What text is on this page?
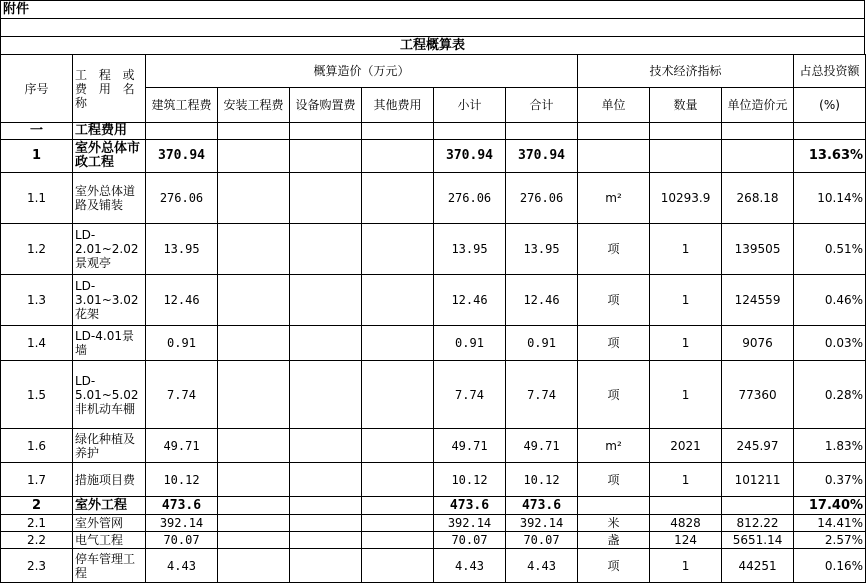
附件
工程概算表
序号	工 程 或费 用 名称	概算造价（万元）						技术经济指标			占总投资额
		建筑工程费	安装工程费	设备购置费	其他费用	小计	合计	单位	数量	单位造价元	(%)
一	工程费用										
1	室外总体市政工程	370.94				370.94	370.94				13.63%
1.1	室外总体道路及铺装	276.06				276.06	276.06	m²	10293.9	268.18	10.14%
1.2	LD-2.01~2.02景观亭	13.95				13.95	13.95	项	1	139505	0.51%
1.3	LD-3.01~3.02花架	12.46				12.46	12.46	项	1	124559	0.46%
1.4	LD-4.01景墙	0.91				0.91	0.91	项	1	9076	0.03%
1.5	LD-5.01~5.02非机动车棚	7.74				7.74	7.74	项	1	77360	0.28%
1.6	绿化种植及养护	49.71				49.71	49.71	m²	2021	245.97	1.83%
1.7	措施项目费	10.12				10.12	10.12	项	1	101211	0.37%
2	室外工程	473.6				473.6	473.6				17.40%
2.1	室外管网	392.14				392.14	392.14	米	4828	812.22	14.41%
2.2	电气工程	70.07				70.07	70.07	盏	124	5651.14	2.57%
2.3	停车管理工程	4.43				4.43	4.43	项	1	44251	0.16%
